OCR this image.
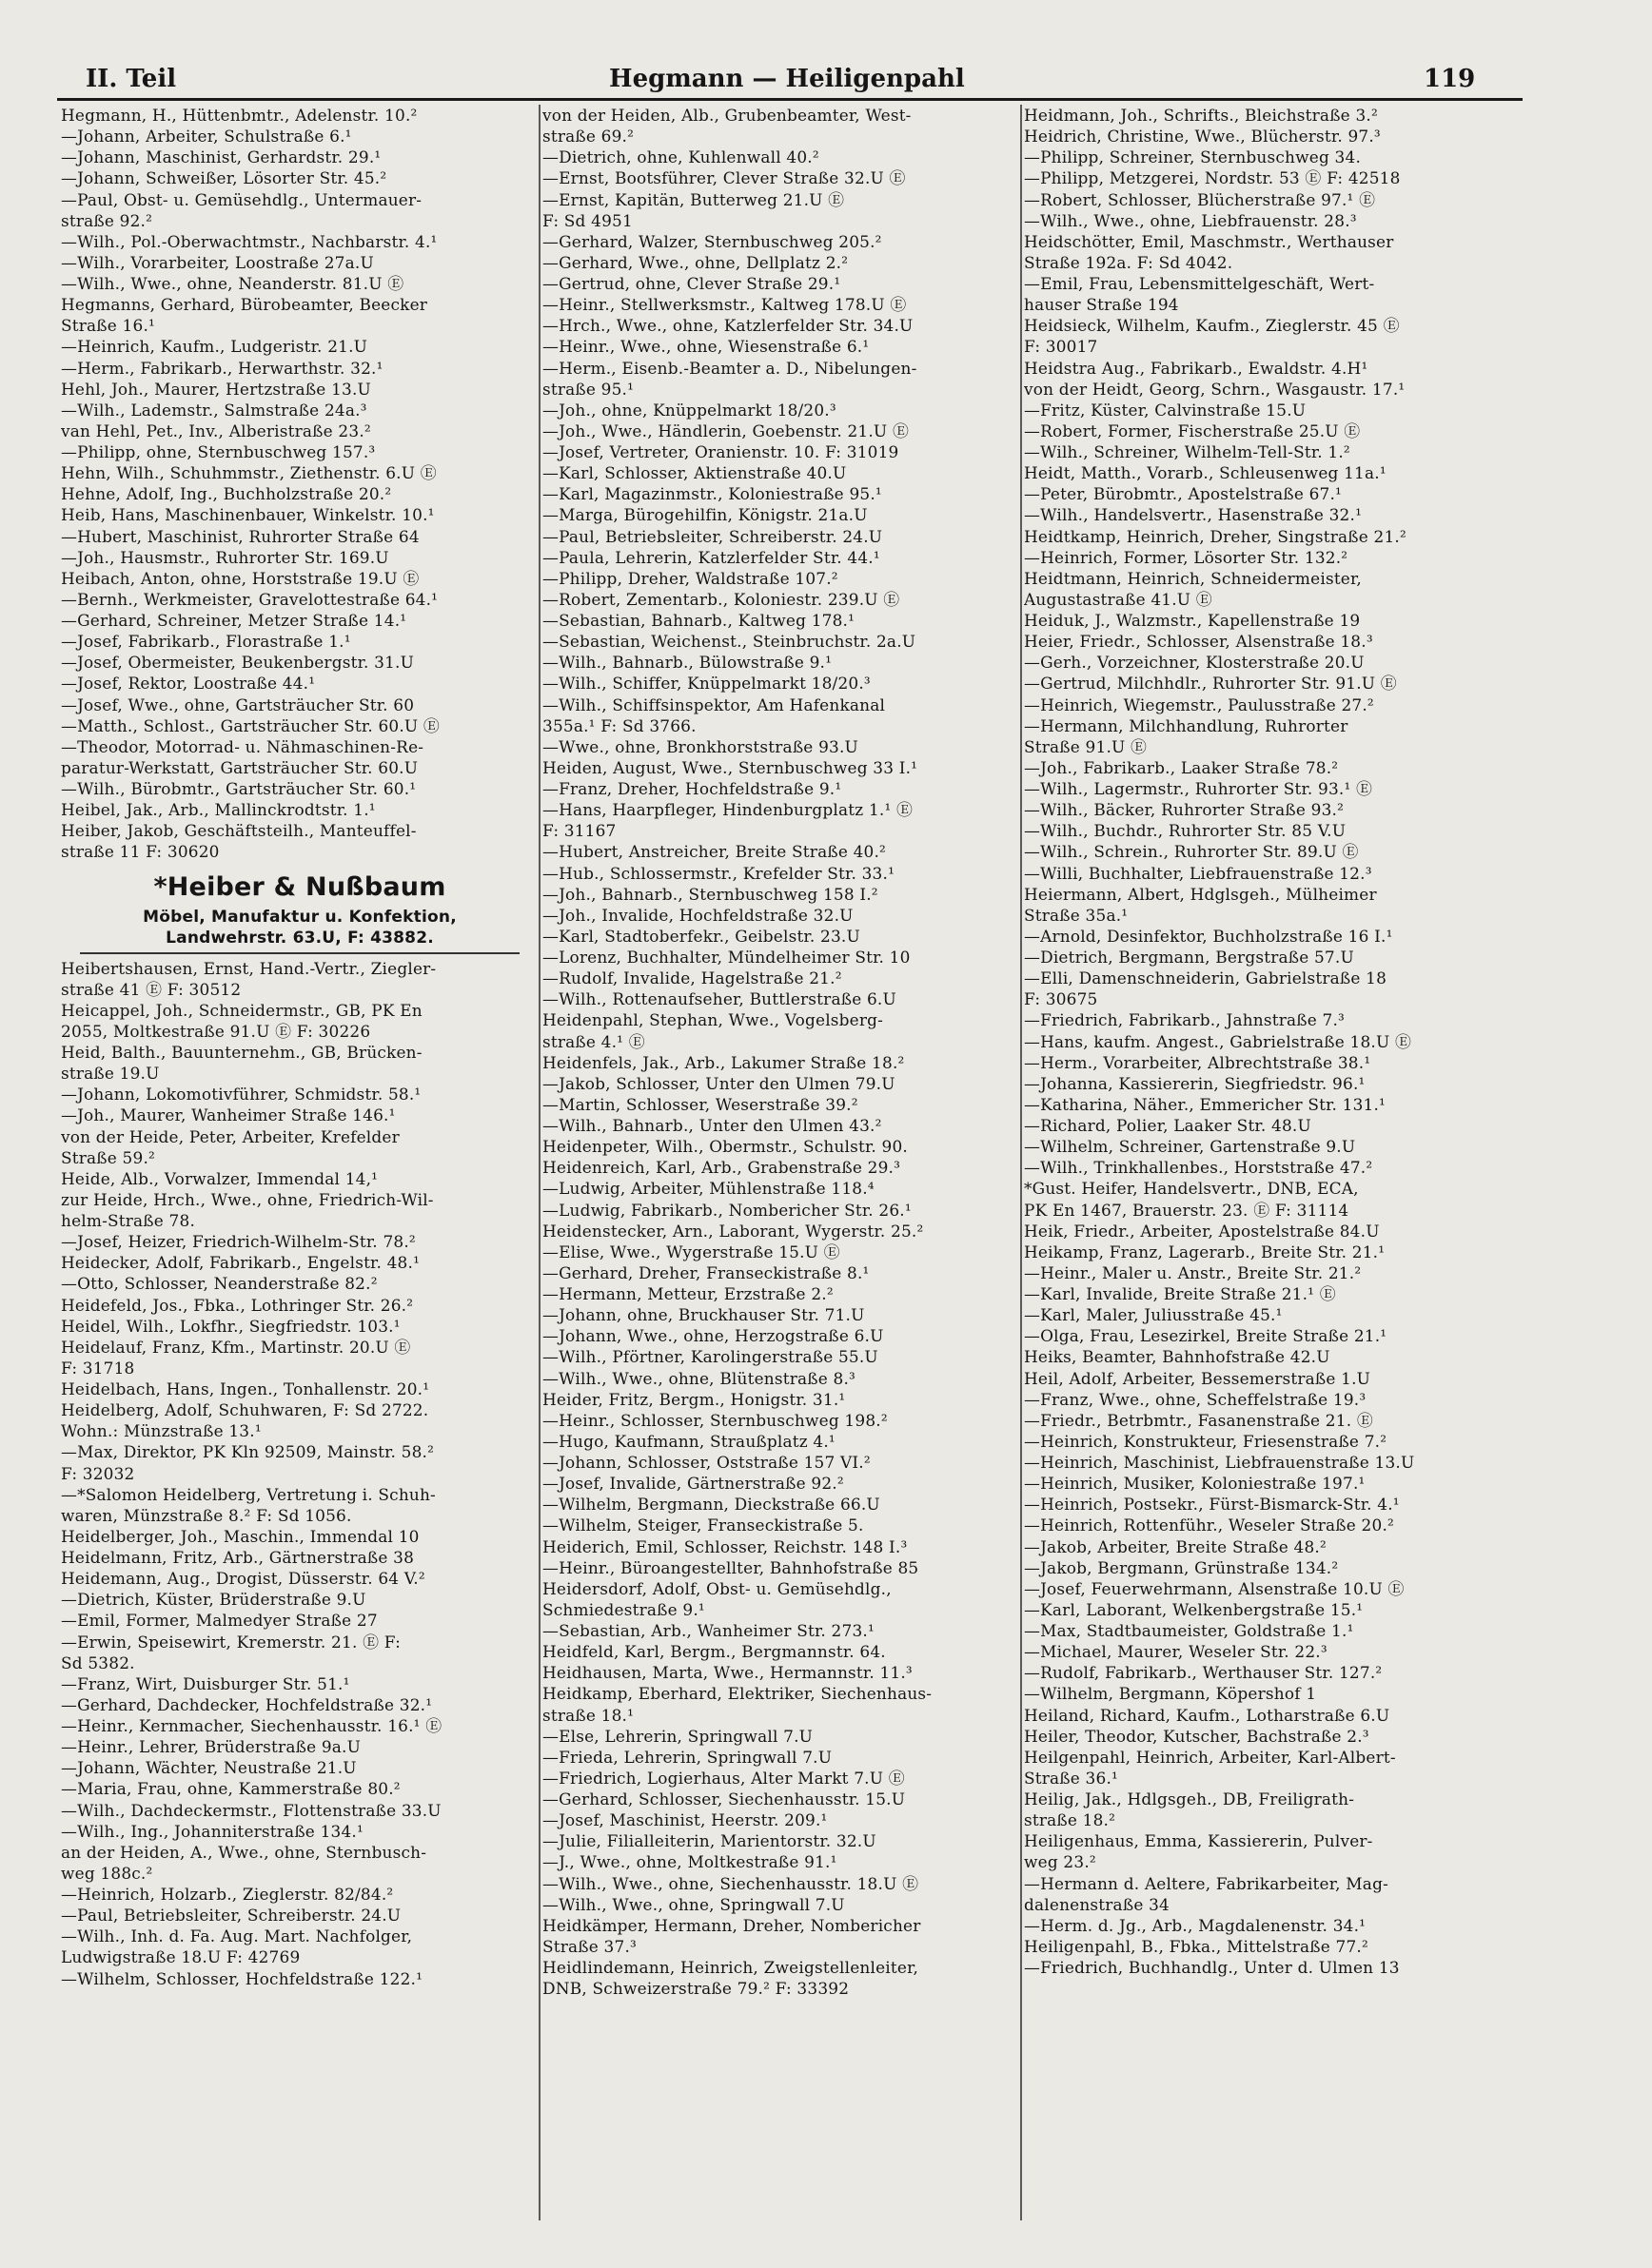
II. Teil	Hegmann — Heiligenpahl	119
Hegmann, H., Hüttenbmtr., Adelenstr. 10.²
—Johann, Arbeiter, Schulstraße 6.¹
—Johann, Maschinist, Gerhardstr. 29.¹
—Johann, Schweißer, Lösorter Str. 45.²
—Paul, Obst- u. Gemüsehdlg., Untermauer-
straße 92.²
—Wilh., Pol.-Oberwachtmstr., Nachbarstr. 4.¹
—Wilh., Vorarbeiter, Loostraße 27a.U
—Wilh., Wwe., ohne, Neanderstr. 81.U Ⓔ
Hegmanns, Gerhard, Bürobeamter, Beecker
Straße 16.¹
—Heinrich, Kaufm., Ludgeristr. 21.U
—Herm., Fabrikarb., Herwarthstr. 32.¹
Hehl, Joh., Maurer, Hertzstraße 13.U
—Wilh., Lademstr., Salmstraße 24a.³
van Hehl, Pet., Inv., Alberistraße 23.²
—Philipp, ohne, Sternbuschweg 157.³
Hehn, Wilh., Schuhmmstr., Ziethenstr. 6.U Ⓔ
Hehne, Adolf, Ing., Buchholzstraße 20.²
Heib, Hans, Maschinenbauer, Winkelstr. 10.¹
—Hubert, Maschinist, Ruhrorter Straße 64
—Joh., Hausmstr., Ruhrorter Str. 169.U
Heibach, Anton, ohne, Horststraße 19.U Ⓔ
—Bernh., Werkmeister, Gravelottestraße 64.¹
—Gerhard, Schreiner, Metzer Straße 14.¹
—Josef, Fabrikarb., Florastraße 1.¹
—Josef, Obermeister, Beukenbergstr. 31.U
—Josef, Rektor, Loostraße 44.¹
—Josef, Wwe., ohne, Gartsträucher Str. 60
—Matth., Schlost., Gartsträucher Str. 60.U Ⓔ
—Theodor, Motorrad- u. Nähmaschinen-Re-
paratur-Werkstatt, Gartsträucher Str. 60.U
—Wilh., Bürobmtr., Gartsträucher Str. 60.¹
Heibel, Jak., Arb., Mallinckrodtstr. 1.¹
Heiber, Jakob, Geschäftsteilh., Manteuffel-
straße 11 F: 30620
*Heiber & Nußbaum
Möbel, Manufaktur u. Konfektion,
Landwehrstr. 63.U, F: 43882.
Heibertshausen, Ernst, Hand.-Vertr., Ziegler-
straße 41 Ⓔ F: 30512
Heicappel, Joh., Schneidermstr., GB, PK En
2055, Moltkestraße 91.U Ⓔ F: 30226
Heid, Balth., Bauunternehm., GB, Brücken-
straße 19.U
—Johann, Lokomotivführer, Schmidstr. 58.¹
—Joh., Maurer, Wanheimer Straße 146.¹
von der Heide, Peter, Arbeiter, Krefelder
Straße 59.²
Heide, Alb., Vorwalzer, Immendal 14,¹
zur Heide, Hrch., Wwe., ohne, Friedrich-Wil-
helm-Straße 78.
—Josef, Heizer, Friedrich-Wilhelm-Str. 78.²
Heidecker, Adolf, Fabrikarb., Engelstr. 48.¹
—Otto, Schlosser, Neanderstraße 82.²
Heidefeld, Jos., Fbka., Lothringer Str. 26.²
Heidel, Wilh., Lokfhr., Siegfriedstr. 103.¹
Heidelauf, Franz, Kfm., Martinstr. 20.U Ⓔ
F: 31718
Heidelbach, Hans, Ingen., Tonhallenstr. 20.¹
Heidelberg, Adolf, Schuhwaren, F: Sd 2722.
Wohn.: Münzstraße 13.¹
—Max, Direktor, PK Kln 92509, Mainstr. 58.²
F: 32032
—*Salomon Heidelberg, Vertretung i. Schuh-
waren, Münzstraße 8.² F: Sd 1056.
Heidelberger, Joh., Maschin., Immendal 10
Heidelmann, Fritz, Arb., Gärtnerstraße 38
Heidemann, Aug., Drogist, Düsserstr. 64 V.²
—Dietrich, Küster, Brüderstraße 9.U
—Emil, Former, Malmedyer Straße 27
—Erwin, Speisewirt, Kremerstr. 21. Ⓔ F:
Sd 5382.
—Franz, Wirt, Duisburger Str. 51.¹
—Gerhard, Dachdecker, Hochfeldstraße 32.¹
—Heinr., Kernmacher, Siechenhausstr. 16.¹ Ⓔ
—Heinr., Lehrer, Brüderstraße 9a.U
—Johann, Wächter, Neustraße 21.U
—Maria, Frau, ohne, Kammerstraße 80.²
—Wilh., Dachdeckermstr., Flottenstraße 33.U
—Wilh., Ing., Johanniterstraße 134.¹
an der Heiden, A., Wwe., ohne, Sternbusch-
weg 188c.²
—Heinrich, Holzarb., Zieglerstr. 82/84.²
—Paul, Betriebsleiter, Schreiberstr. 24.U
—Wilh., Inh. d. Fa. Aug. Mart. Nachfolger,
Ludwigstraße 18.U F: 42769
—Wilhelm, Schlosser, Hochfeldstraße 122.¹
von der Heiden, Alb., Grubenbeamter, West-
straße 69.²
—Dietrich, ohne, Kuhlenwall 40.²
—Ernst, Bootsführer, Clever Straße 32.U Ⓔ
—Ernst, Kapitän, Butterweg 21.U Ⓔ
F: Sd 4951
—Gerhard, Walzer, Sternbuschweg 205.²
—Gerhard, Wwe., ohne, Dellplatz 2.²
—Gertrud, ohne, Clever Straße 29.¹
—Heinr., Stellwerksmstr., Kaltweg 178.U Ⓔ
—Hrch., Wwe., ohne, Katzlerfelder Str. 34.U
—Heinr., Wwe., ohne, Wiesenstraße 6.¹
—Herm., Eisenb.-Beamter a. D., Nibelungen-
straße 95.¹
—Joh., ohne, Knüppelmarkt 18/20.³
—Joh., Wwe., Händlerin, Goebenstr. 21.U Ⓔ
—Josef, Vertreter, Oranienstr. 10. F: 31019
—Karl, Schlosser, Aktienstraße 40.U
—Karl, Magazinmstr., Koloniestraße 95.¹
—Marga, Bürogehilfin, Königstr. 21a.U
—Paul, Betriebsleiter, Schreiberstr. 24.U
—Paula, Lehrerin, Katzlerfelder Str. 44.¹
—Philipp, Dreher, Waldstraße 107.²
—Robert, Zementarb., Koloniestr. 239.U Ⓔ
—Sebastian, Bahnarb., Kaltweg 178.¹
—Sebastian, Weichenst., Steinbruchstr. 2a.U
—Wilh., Bahnarb., Bülowstraße 9.¹
—Wilh., Schiffer, Knüppelmarkt 18/20.³
—Wilh., Schiffsinspektor, Am Hafenkanal
355a.¹ F: Sd 3766.
—Wwe., ohne, Bronkhorststraße 93.U
Heiden, August, Wwe., Sternbuschweg 33 I.¹
—Franz, Dreher, Hochfeldstraße 9.¹
—Hans, Haarpfleger, Hindenburgplatz 1.¹ Ⓔ
F: 31167
—Hubert, Anstreicher, Breite Straße 40.²
—Hub., Schlossermstr., Krefelder Str. 33.¹
—Joh., Bahnarb., Sternbuschweg 158 I.²
—Joh., Invalide, Hochfeldstraße 32.U
—Karl, Stadtoberfekr., Geibelstr. 23.U
—Lorenz, Buchhalter, Mündelheimer Str. 10
—Rudolf, Invalide, Hagelstraße 21.²
—Wilh., Rottenaufseher, Buttlerstraße 6.U
Heidenpahl, Stephan, Wwe., Vogelsberg-
straße 4.¹ Ⓔ
Heidenfels, Jak., Arb., Lakumer Straße 18.²
—Jakob, Schlosser, Unter den Ulmen 79.U
—Martin, Schlosser, Weserstraße 39.²
—Wilh., Bahnarb., Unter den Ulmen 43.²
Heidenpeter, Wilh., Obermstr., Schulstr. 90.
Heidenreich, Karl, Arb., Grabenstraße 29.³
—Ludwig, Arbeiter, Mühlenstraße 118.⁴
—Ludwig, Fabrikarb., Nombericher Str. 26.¹
Heidenstecker, Arn., Laborant, Wygerstr. 25.²
—Elise, Wwe., Wygerstraße 15.U Ⓔ
—Gerhard, Dreher, Franseckistraße 8.¹
—Hermann, Metteur, Erzstraße 2.²
—Johann, ohne, Bruckhauser Str. 71.U
—Johann, Wwe., ohne, Herzogstraße 6.U
—Wilh., Pförtner, Karolingerstraße 55.U
—Wilh., Wwe., ohne, Blütenstraße 8.³
Heider, Fritz, Bergm., Honigstr. 31.¹
—Heinr., Schlosser, Sternbuschweg 198.²
—Hugo, Kaufmann, Straußplatz 4.¹
—Johann, Schlosser, Oststraße 157 VI.²
—Josef, Invalide, Gärtnerstraße 92.²
—Wilhelm, Bergmann, Dieckstraße 66.U
—Wilhelm, Steiger, Franseckistraße 5.
Heiderich, Emil, Schlosser, Reichstr. 148 I.³
—Heinr., Büroangestellter, Bahnhofstraße 85
Heidersdorf, Adolf, Obst- u. Gemüsehdlg.,
Schmiedestraße 9.¹
—Sebastian, Arb., Wanheimer Str. 273.¹
Heidfeld, Karl, Bergm., Bergmannstr. 64.
Heidhausen, Marta, Wwe., Hermannstr. 11.³
Heidkamp, Eberhard, Elektriker, Siechenhaus-
straße 18.¹
—Else, Lehrerin, Springwall 7.U
—Frieda, Lehrerin, Springwall 7.U
—Friedrich, Logierhaus, Alter Markt 7.U Ⓔ
—Gerhard, Schlosser, Siechenhausstr. 15.U
—Josef, Maschinist, Heerstr. 209.¹
—Julie, Filialleiterin, Marientorstr. 32.U
—J., Wwe., ohne, Moltkestraße 91.¹
—Wilh., Wwe., ohne, Siechenhausstr. 18.U Ⓔ
—Wilh., Wwe., ohne, Springwall 7.U
Heidkämper, Hermann, Dreher, Nombericher
Straße 37.³
Heidlindemann, Heinrich, Zweigstellenleiter,
DNB, Schweizerstraße 79.² F: 33392
Heidmann, Joh., Schrifts., Bleichstraße 3.²
Heidrich, Christine, Wwe., Blücherstr. 97.³
—Philipp, Schreiner, Sternbuschweg 34.
—Philipp, Metzgerei, Nordstr. 53 Ⓔ F: 42518
—Robert, Schlosser, Blücherstraße 97.¹ Ⓔ
—Wilh., Wwe., ohne, Liebfrauenstr. 28.³
Heidschötter, Emil, Maschmstr., Werthauser
Straße 192a. F: Sd 4042.
—Emil, Frau, Lebensmittelgeschäft, Wert-
hauser Straße 194
Heidsieck, Wilhelm, Kaufm., Zieglerstr. 45 Ⓔ
F: 30017
Heidstra Aug., Fabrikarb., Ewaldstr. 4.H¹
von der Heidt, Georg, Schrn., Wasgaustr. 17.¹
—Fritz, Küster, Calvinstraße 15.U
—Robert, Former, Fischerstraße 25.U Ⓔ
—Wilh., Schreiner, Wilhelm-Tell-Str. 1.²
Heidt, Matth., Vorarb., Schleusenweg 11a.¹
—Peter, Bürobmtr., Apostelstraße 67.¹
—Wilh., Handelsvertr., Hasenstraße 32.¹
Heidtkamp, Heinrich, Dreher, Singstraße 21.²
—Heinrich, Former, Lösorter Str. 132.²
Heidtmann, Heinrich, Schneidermeister,
Augustastraße 41.U Ⓔ
Heiduk, J., Walzmstr., Kapellenstraße 19
Heier, Friedr., Schlosser, Alsenstraße 18.³
—Gerh., Vorzeichner, Klosterstraße 20.U
—Gertrud, Milchhdlr., Ruhrorter Str. 91.U Ⓔ
—Heinrich, Wiegemstr., Paulusstraße 27.²
—Hermann, Milchhandlung, Ruhrorter
Straße 91.U Ⓔ
—Joh., Fabrikarb., Laaker Straße 78.²
—Wilh., Lagermstr., Ruhrorter Str. 93.¹ Ⓔ
—Wilh., Bäcker, Ruhrorter Straße 93.²
—Wilh., Buchdr., Ruhrorter Str. 85 V.U
—Wilh., Schrein., Ruhrorter Str. 89.U Ⓔ
—Willi, Buchhalter, Liebfrauenstraße 12.³
Heiermann, Albert, Hdglsgeh., Mülheimer
Straße 35a.¹
—Arnold, Desinfektor, Buchholzstraße 16 I.¹
—Dietrich, Bergmann, Bergstraße 57.U
—Elli, Damenschneiderin, Gabrielstraße 18
F: 30675
—Friedrich, Fabrikarb., Jahnstraße 7.³
—Hans, kaufm. Angest., Gabrielstraße 18.U Ⓔ
—Herm., Vorarbeiter, Albrechtstraße 38.¹
—Johanna, Kassiererin, Siegfriedstr. 96.¹
—Katharina, Näher., Emmericher Str. 131.¹
—Richard, Polier, Laaker Str. 48.U
—Wilhelm, Schreiner, Gartenstraße 9.U
—Wilh., Trinkhallenbes., Horststraße 47.²
*Gust. Heifer, Handelsvertr., DNB, ECA,
PK En 1467, Brauerstr. 23. Ⓔ F: 31114
Heik, Friedr., Arbeiter, Apostelstraße 84.U
Heikamp, Franz, Lagerarb., Breite Str. 21.¹
—Heinr., Maler u. Anstr., Breite Str. 21.²
—Karl, Invalide, Breite Straße 21.¹ Ⓔ
—Karl, Maler, Juliusstraße 45.¹
—Olga, Frau, Lesezirkel, Breite Straße 21.¹
Heiks, Beamter, Bahnhofstraße 42.U
Heil, Adolf, Arbeiter, Bessemerstraße 1.U
—Franz, Wwe., ohne, Scheffelstraße 19.³
—Friedr., Betrbmtr., Fasanenstraße 21. Ⓔ
—Heinrich, Konstrukteur, Friesenstraße 7.²
—Heinrich, Maschinist, Liebfrauenstraße 13.U
—Heinrich, Musiker, Koloniestraße 197.¹
—Heinrich, Postsekr., Fürst-Bismarck-Str. 4.¹
—Heinrich, Rottenführ., Weseler Straße 20.²
—Jakob, Arbeiter, Breite Straße 48.²
—Jakob, Bergmann, Grünstraße 134.²
—Josef, Feuerwehrmann, Alsenstraße 10.U Ⓔ
—Karl, Laborant, Welkenbergstraße 15.¹
—Max, Stadtbaumeister, Goldstraße 1.¹
—Michael, Maurer, Weseler Str. 22.³
—Rudolf, Fabrikarb., Werthauser Str. 127.²
—Wilhelm, Bergmann, Köpershof 1
Heiland, Richard, Kaufm., Lotharstraße 6.U
Heiler, Theodor, Kutscher, Bachstraße 2.³
Heilgenpahl, Heinrich, Arbeiter, Karl-Albert-
Straße 36.¹
Heilig, Jak., Hdlgsgeh., DB, Freiligrath-
straße 18.²
Heiligenhaus, Emma, Kassiererin, Pulver-
weg 23.²
—Hermann d. Aeltere, Fabrikarbeiter, Mag-
dalenenstraße 34
—Herm. d. Jg., Arb., Magdalenenstr. 34.¹
Heiligenpahl, B., Fbka., Mittelstraße 77.²
—Friedrich, Buchhandlg., Unter d. Ulmen 13
